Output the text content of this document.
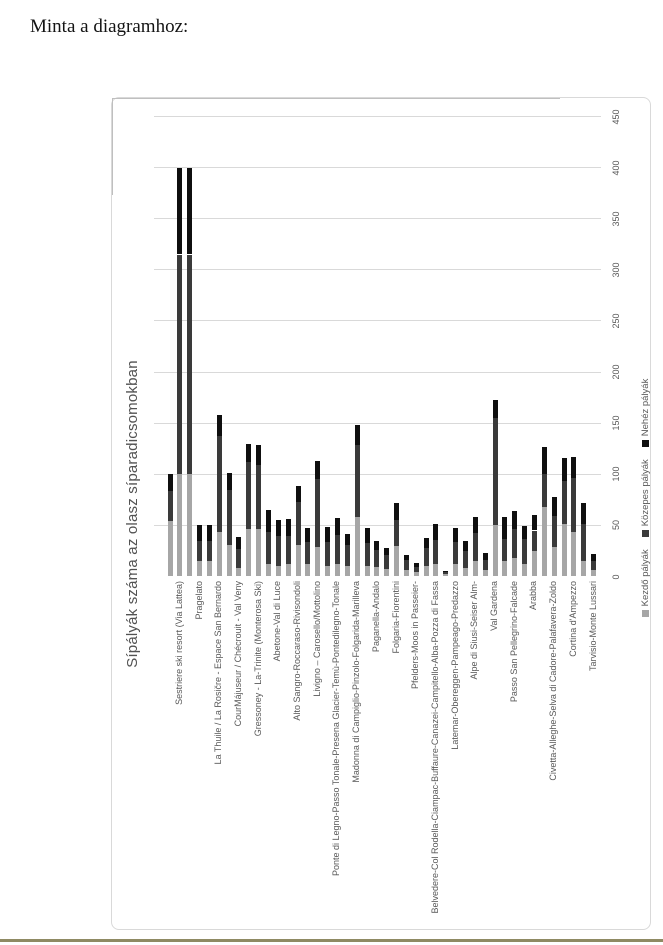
Minta a diagramhoz:
Sípályák száma az olasz síparadicsomokban	0
50
100
150
200
250
300
350
400
450
Sestriere ski resort (Via Lattea) Pragelato La Thuile / La Rosičre - Espace San Bernardo CourMájuseur / Chécrouit - Val Veny Gressoney - La-Trinite (Monterosa Ski) Abetone-Val di Luce Alto Sangro-Roccaraso-Rivisondoli Livigno – Carosello/Mottolino Ponte di Legno-Passo Tonale-Presena Glacier-Temù-Pontedilegno-Tonale Madonna di Campiglio-Pinzolo-Folgarida-Marilleva Paganella-Andalo Folgaria-Fiorentini Pfelders-Moos in Passeier- Belvedere-Col Rodella-Ciampac-Buffaure-Canazei-Campitello-Alba-Pozza di Fassa Latemar-Obereggen-Pampeago-Predazzo Alpe di Siusi-Seiser Alm- Val Gardena Passo San Pellegrino-Falcade Arabba Civetta-Alleghe-Selva di Cadore-Palafavera-Zoldo Cortina d'Ampezzo Tarvisio-Monte Lussari
Kezdő pályák
Közepes pályák
Nehéz pályák
